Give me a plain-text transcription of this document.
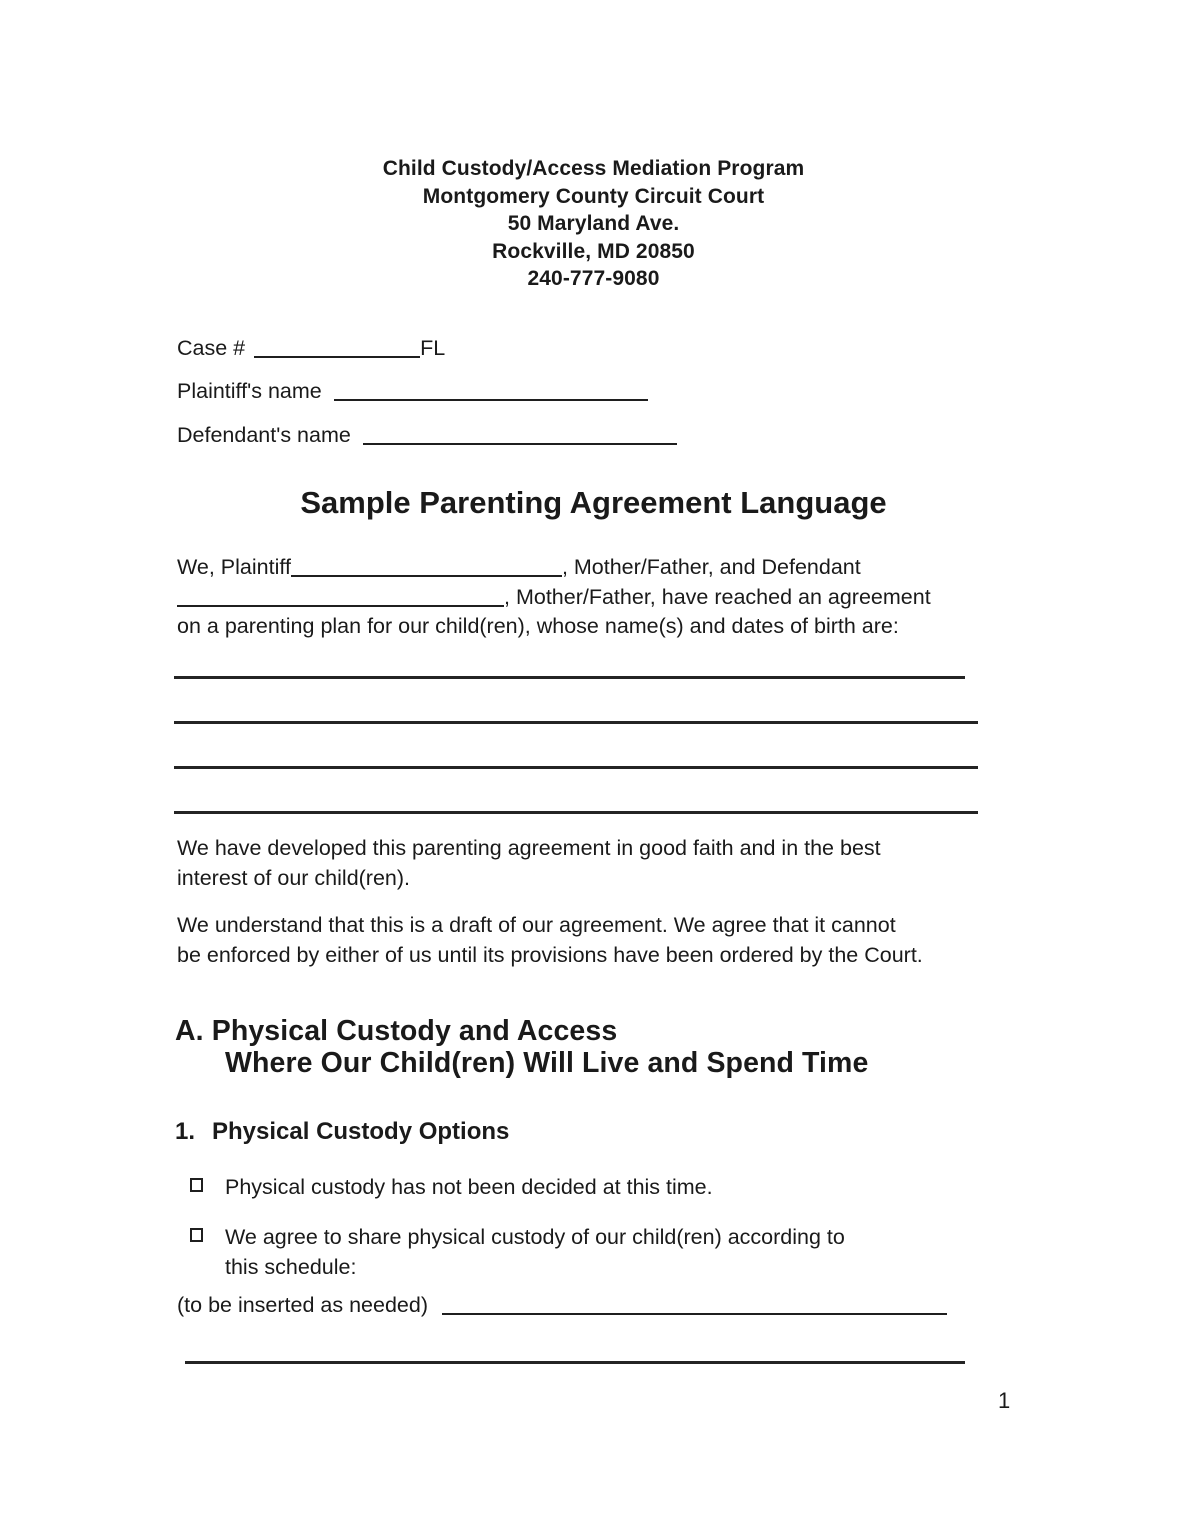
Child Custody/Access Mediation Program
Montgomery County Circuit Court
50 Maryland Ave.
Rockville, MD 20850
240-777-9080
Case #	FL
Plaintiff's name
Defendant's name
Sample Parenting Agreement Language
We, Plaintiff	, Mother/Father, and Defendant
, Mother/Father, have reached an agreement
on a parenting plan for our child(ren), whose name(s) and dates of birth are:
We have developed this parenting agreement in good faith and in the best
interest of our child(ren).
We understand that this is a draft of our agreement. We agree that it cannot
be enforced by either of us until its provisions have been ordered by the Court.
A. Physical Custody and Access
Where Our Child(ren) Will Live and Spend Time
1. Physical Custody Options
Physical custody has not been decided at this time.
We agree to share physical custody of our child(ren) according to
this schedule:
(to be inserted as needed)
1
